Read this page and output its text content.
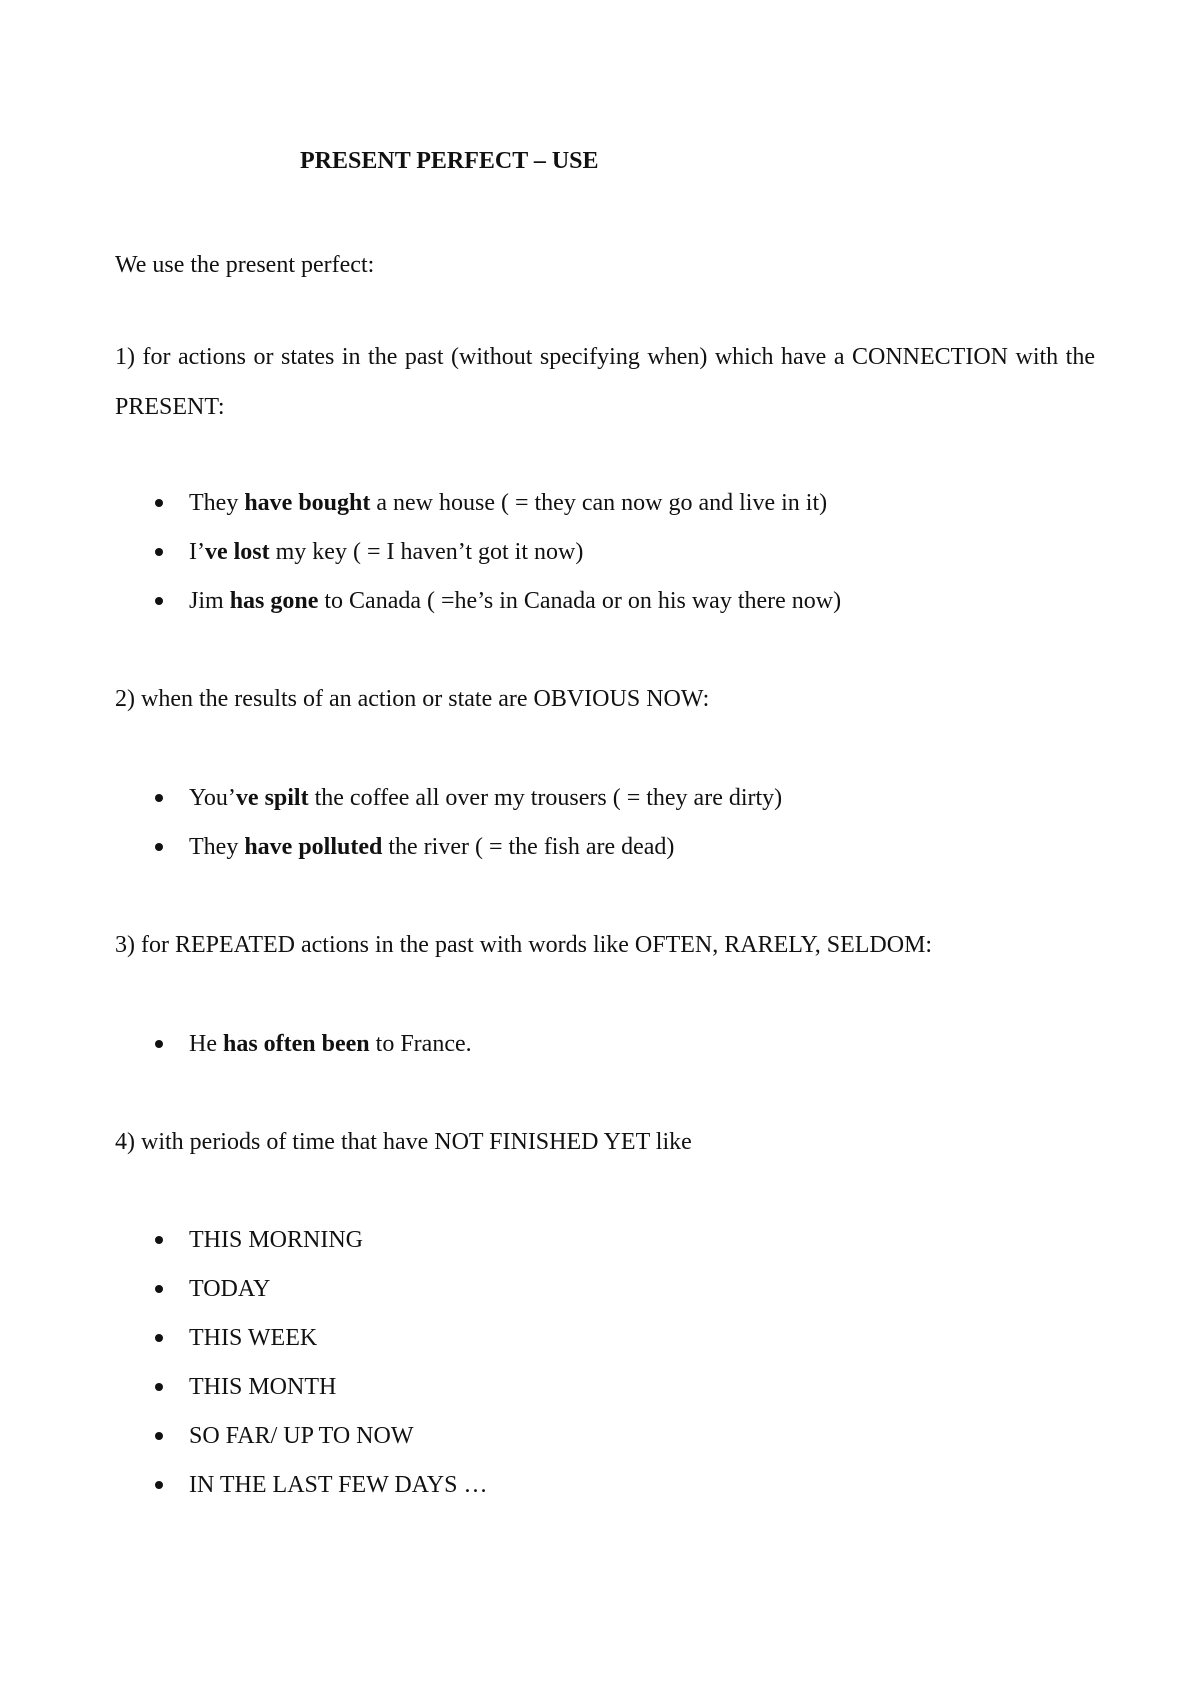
PRESENT PERFECT – USE
We use the present perfect:
1) for actions or states in the past (without specifying when) which have a CONNECTION with the PRESENT:
They have bought a new house ( = they can now go and live in it)
I’ve lost my key ( = I haven’t got it now)
Jim has gone to Canada ( =he’s in Canada or on his way there now)
2) when the results of an action or state are OBVIOUS NOW:
You’ve spilt the coffee all over my trousers ( = they are dirty)
They have polluted the river ( = the fish are dead)
3) for REPEATED actions in the past with words like OFTEN, RARELY, SELDOM:
He has often been to France.
4) with periods of time that have NOT FINISHED YET like
THIS MORNING
TODAY
THIS WEEK
THIS MONTH
SO FAR/ UP TO NOW
IN THE LAST FEW DAYS …
